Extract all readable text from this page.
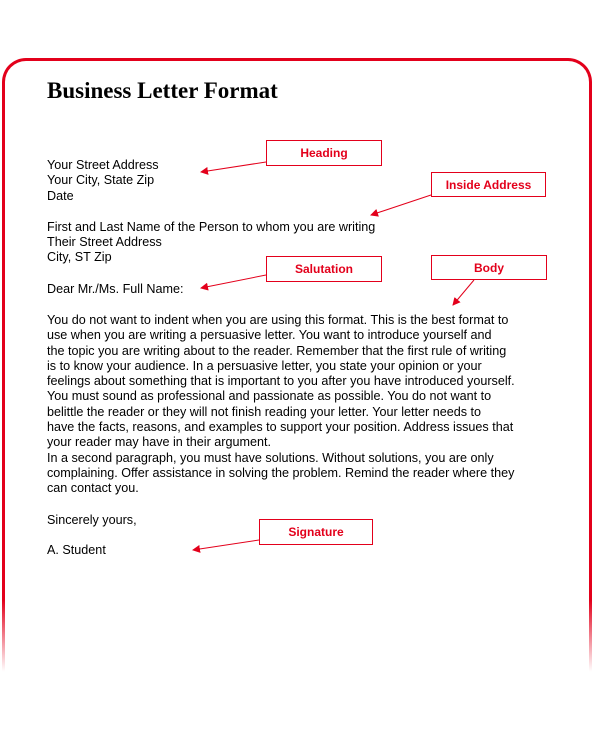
Business Letter Format
Your Street Address
Your City, State Zip
Date
First and Last Name of the Person to whom you are writing
Their Street Address
City, ST Zip
Dear Mr./Ms. Full Name:
You do not want to indent when you are using this format. This is the best format to
use when you are writing a persuasive letter. You want to introduce yourself and
the topic you are writing about to the reader. Remember that the first rule of writing
is to know your audience. In a persuasive letter, you state your opinion or your
feelings about something that is important to you after you have introduced yourself.
You must sound as professional and passionate as possible. You do not want to
belittle the reader or they will not finish reading your letter. Your letter needs to
have the facts, reasons, and examples to support your position. Address issues that
your reader may have in their argument.
In a second paragraph, you must have solutions. Without solutions, you are only
complaining. Offer assistance in solving the problem. Remind the reader where they
can contact you.
Sincerely yours,
A. Student
Heading
Inside Address
Salutation	Body
Signature
